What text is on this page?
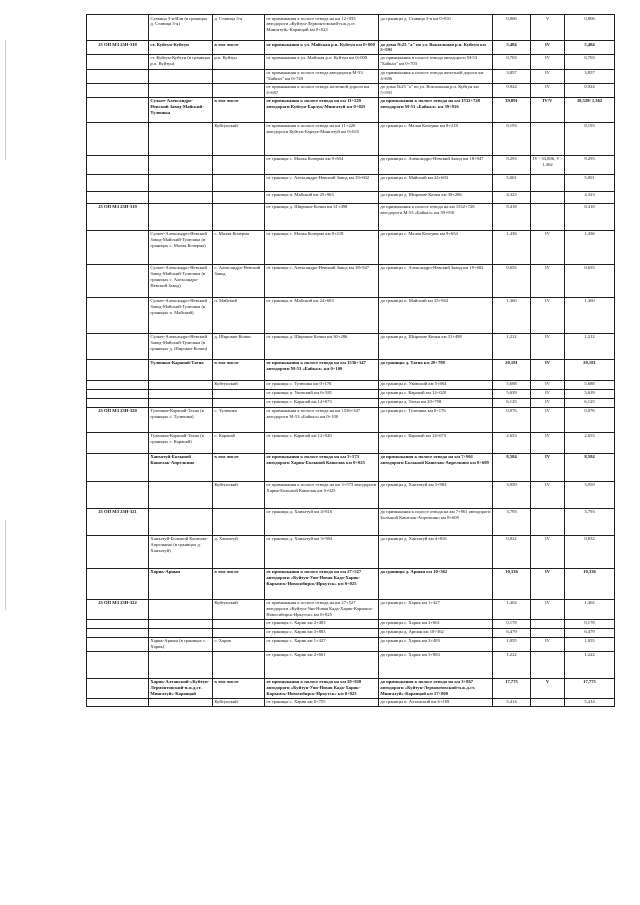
	Ставица 3-я-Или (в границах д. Ставица 3-я)	д. Ставица 3-я	от примыкания к полосе отвода на км 12+933 автодороги «Куйтун-Лермонтовский-п.ж.д.ст. Мингатуй»-Карапцай км 0+023	до границы д. Ставица 3-я км 0+831	0,806	V	0,806
25 ОП МЗ 25Н-318	ст. Куйтун-Куйтун	в том числе	от примыкания к ул. Майская р.п. Куйтун км 0+000	до дома №25 "а" по ул. Вокзальная р.п. Куйтун км 5+591	5,484	IV	5,484
	ст. Куйтун-Куйтун (в границах р.п. Куйтун)	р.п. Куйтун	от примыкания к ул. Майская р.п. Куйтун км 0+000	до примыкания к полосе отвода автодороги М-53 "Байкал" км 0+703	0,703	IV	0,703
			от примыкания к полосе отвода автодороги М-53 "Байкал" км 0+749	до примыкания к полосе отвода железной дороги км 4+606	3,857	IV	3,857
			от примыкания к полосе отвода железной дороги км 4+667	до дома №25 "а" по ул. Вокзальная р.п. Куйтун км 5+591	0,924	IV	0,924
	Сулкет-Александро-Невский Завод-Майский-Тулюшка	в том числе	от примыкания к полосе отвода на км 11+220 автодороги Куйтун-Барлук-Мингатуй км 0+025	до примыкания к полосе отвода на км 1532+728 автодороги М-53 «Байкал» км 39+916	39,891	IV/V	38,529/ 1,362
		Куйтунский	от примыкания к полосе отвода на км 11+220 автодороги Куйтун-Барлук-Мингатуй км 0+025	до границы с. Малая Кочерма км 8+218	8,193		8,193
			от границы с. Малая Кочерма км 9+654	до границы с. Александро-Невский Завод км 18+947	9,293	IV - 33,806, V - 1,362	9,293
			от границы с. Александро-Невский Завод км 19+602	до границы п. Майский км 24+603	5,001		5,001
			от границы п. Майский км 25+963	до границы д. Широкие Кочки км 30+286	4,323		4,323
25 ОП МЗ 25Н-319			от границы д. Широкие Кочки км 31+498	до примыкания к полосе отвода на км 1532+728 автодороги М-53 «Байкал» км 39+916	8,418		8,418
	Сулкет-Александро-Невский Завод-Майский-Тулюшка (в границах с. Малая Кочерма)	с. Малая Кочерма	от границы с. Малая Кочерма км 8+218	до границы с. Малая Кочерма км 9+654	1,436	IV	1,436
	Сулкет-Александро-Невский Завод-Майский-Тулюшка (в границах с. Александро-Невский Завод)	с. Александро-Невский Завод	от границы с. Александро-Невский Завод км 18+947	до границы с. Александро-Невский Завод км 19+602	0,655	IV	0,655
	Сулкет-Александро-Невский Завод-Майский-Тулюшка (в границах п. Майский)	п. Майский	от границы п. Майский км 24+603	до границы п. Майский км 25+963	1,360	IV	1,360
	Сулкет-Александро-Невский Завод-Майский-Тулюшка (в границах д. Широкие Кочки)	д. Широкие Кочки	от границы д. Широкие Кочки км 30+286	до границы д. Широкие Кочки км 31+498	1,212	IV	1,212
	Тулюшка-Карапай-Тагна	в том числе	от примыкания к полосе отвода на км 1536+347 автодороги М-53 «Байкал» км 0+100	до границы д. Тагна км 20+798	20,181	IV	20,181
		Куйтунский	от границы с. Тулюшка км 0+176	до границы п. Уковский км 5+864	5,688	IV	5,688
			от границы п. Уковский км 6+381	до границы с. Карапай км 12+020	5,639	IV	5,639
			от границы с. Карапай км 14+673	до границы д. Тагна км 20+798	6,125	IV	6,125
25 ОП МЗ 25Н-320	Тулюшка-Карапай-Тагна (в границах с. Тулюшка)	с. Тулюшка	от примыкания к полосе отвода на км 1536+347 автодороги М-53 «Байкал» км 0+100	до границы с. Тулюшка км 0+176	0,076	IV	0,076
	Тулюшка-Карапай-Тагна (в границах с. Карапай)	с. Карапай	от границы с. Карапай км 12+020	до границы с. Карапай км 14+673	2,653	IV	2,653
	Хаихатуй-Большой Кашелак-Апрелкино	в том числе	от примыкания к полосе отвода на км 3+573 автодороги Харик-Большой Кашелак км 0+025	до примыкания к полосе отвода на км 7+961 автодороги Большой Кашелак-Апрелкино км 8+609	8,584	IV	8,584
		Куйтунский	от примыкания к полосе отвода на км 3+573 автодороги Харик-Большой Кашелак км 0+025	до границы д. Хаихатуй км 3+984	3,959	IV	3,959
25 ОП МЗ 25Н-321			от границы д. Хаихатуй км 4+816	до примыкания к полосе отвода на км 7+961 автодороги Большой Кашелак-Апрелкино км 8+609	3,793		3,793
	Хаихатуй-Большой Кашелак-Апрелкино (в границах д. Хаихатуй)	д. Хаихатуй	от границы д. Хаихатуй км 3+984	до границы д. Хаихатуй км 4+816	0,832	IV	0,832
	Харик-Аршан	в том числе	от примыкания к полосе отвода на км 27+527 автодороги «Куйтун-Уян-Новая Кадо-Харик-Карымск-Новосибирск-Иркутск» км 0+025	до границы д. Аршан км 10+362	10,336	IV	10,336
25 ОП МЗ 25Н-322		Куйтунский	от примыкания к полосе отвода на км 27+527 автодороги «Куйтун-Уян-Новая Када-Харик-Карымск-Новосибирск-Иркутск» км 0+025	до границы с. Харик км 1+427	1,402	IV	1,402
			от границы с. Харик км 2+483	до границы с. Харик км 2+661	0,178		0,178
			от границы с. Харик км 3+883	до границы д. Аршан км 10+362	6,479		6,479
	Харик-Аршан (в границах с. Харик)	с. Харик	от границы с. Харик км 1+427	до границы с. Харик км 2+483	1,055	IV	1,055
			от границы с. Харик км 2+661	до границы с. Харик км 3+883	1,222		1,222
	Харик-Алтанский-«Куйтун-Лермонтовский-п.ж.д.ст. Мингатуй»-Карапцай	в том числе	от примыкания к полосе отвода на км 20+820 автодороги «Куйтун-Уян-Новая Када-Харик-Карымск-Новосибирск-Иркутск» км 0+025	до примыкания к полосе отвода на км 3+867 автодороги «Куйтун-Лермонтовский-п.ж.д.ст. Мингатуй»-Карапцай км 17+800	17,775	V	17,775
		Куйтунский	от границы с. Харик км 0+755	до границы п. Алтанский км 6+169	5,414		5,414
